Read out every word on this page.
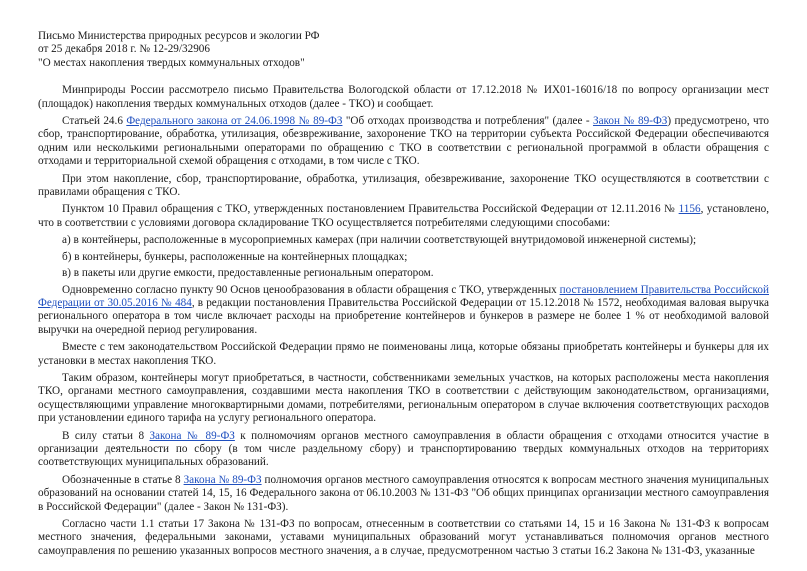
Письмо Министерства природных ресурсов и экологии РФ
от 25 декабря 2018 г. № 12-29/32906
"О местах накопления твердых коммунальных отходов"

Минприроды России рассмотрело письмо Правительства Вологодской области от 17.12.2018 № ИХ01-16016/18 по вопросу организации мест (площадок) накопления твердых коммунальных отходов (далее - ТКО) и сообщает.

Статьей 24.6 Федерального закона от 24.06.1998 № 89-ФЗ "Об отходах производства и потребления" (далее - Закон № 89-ФЗ) предусмотрено, что сбор, транспортирование, обработка, утилизация, обезвреживание, захоронение ТКО на территории субъекта Российской Федерации обеспечиваются одним или несколькими региональными операторами по обращению с ТКО в соответствии с региональной программой в области обращения с отходами и территориальной схемой обращения с отходами, в том числе с ТКО.

При этом накопление, сбор, транспортирование, обработка, утилизация, обезвреживание, захоронение ТКО осуществляются в соответствии с правилами обращения с ТКО.

Пунктом 10 Правил обращения с ТКО, утвержденных постановлением Правительства Российской Федерации от 12.11.2016 № 1156, установлено, что в соответствии с условиями договора складирование ТКО осуществляется потребителями следующими способами:

а) в контейнеры, расположенные в мусороприемных камерах (при наличии соответствующей внутридомовой инженерной системы);

б) в контейнеры, бункеры, расположенные на контейнерных площадках;

в) в пакеты или другие емкости, предоставленные региональным оператором.

Одновременно согласно пункту 90 Основ ценообразования в области обращения с ТКО, утвержденных постановлением Правительства Российской Федерации от 30.05.2016 № 484, в редакции постановления Правительства Российской Федерации от 15.12.2018 № 1572, необходимая валовая выручка регионального оператора в том числе включает расходы на приобретение контейнеров и бункеров в размере не более 1 % от необходимой валовой выручки на очередной период регулирования.

Вместе с тем законодательством Российской Федерации прямо не поименованы лица, которые обязаны приобретать контейнеры и бункеры для их установки в местах накопления ТКО.

Таким образом, контейнеры могут приобретаться, в частности, собственниками земельных участков, на которых расположены места накопления ТКО, органами местного самоуправления, создавшими места накопления ТКО в соответствии с действующим законодательством, организациями, осуществляющими управление многоквартирными домами, потребителями, региональным оператором в случае включения соответствующих расходов при установлении единого тарифа на услугу регионального оператора.

В силу статьи 8 Закона № 89-ФЗ к полномочиям органов местного самоуправления в области обращения с отходами относится участие в организации деятельности по сбору (в том числе раздельному сбору) и транспортированию твердых коммунальных отходов на территориях соответствующих муниципальных образований.

Обозначенные в статье 8 Закона № 89-ФЗ полномочия органов местного самоуправления относятся к вопросам местного значения муниципальных образований на основании статей 14, 15, 16 Федерального закона от 06.10.2003 № 131-ФЗ "Об общих принципах организации местного самоуправления в Российской Федерации" (далее - Закон № 131-ФЗ).

Согласно части 1.1 статьи 17 Закона № 131-ФЗ по вопросам, отнесенным в соответствии со статьями 14, 15 и 16 Закона № 131-ФЗ к вопросам местного значения, федеральными законами, уставами муниципальных образований могут устанавливаться полномочия органов местного самоуправления по решению указанных вопросов местного значения, а в случае, предусмотренном частью 3 статьи 16.2 Закона № 131-ФЗ, указанные
